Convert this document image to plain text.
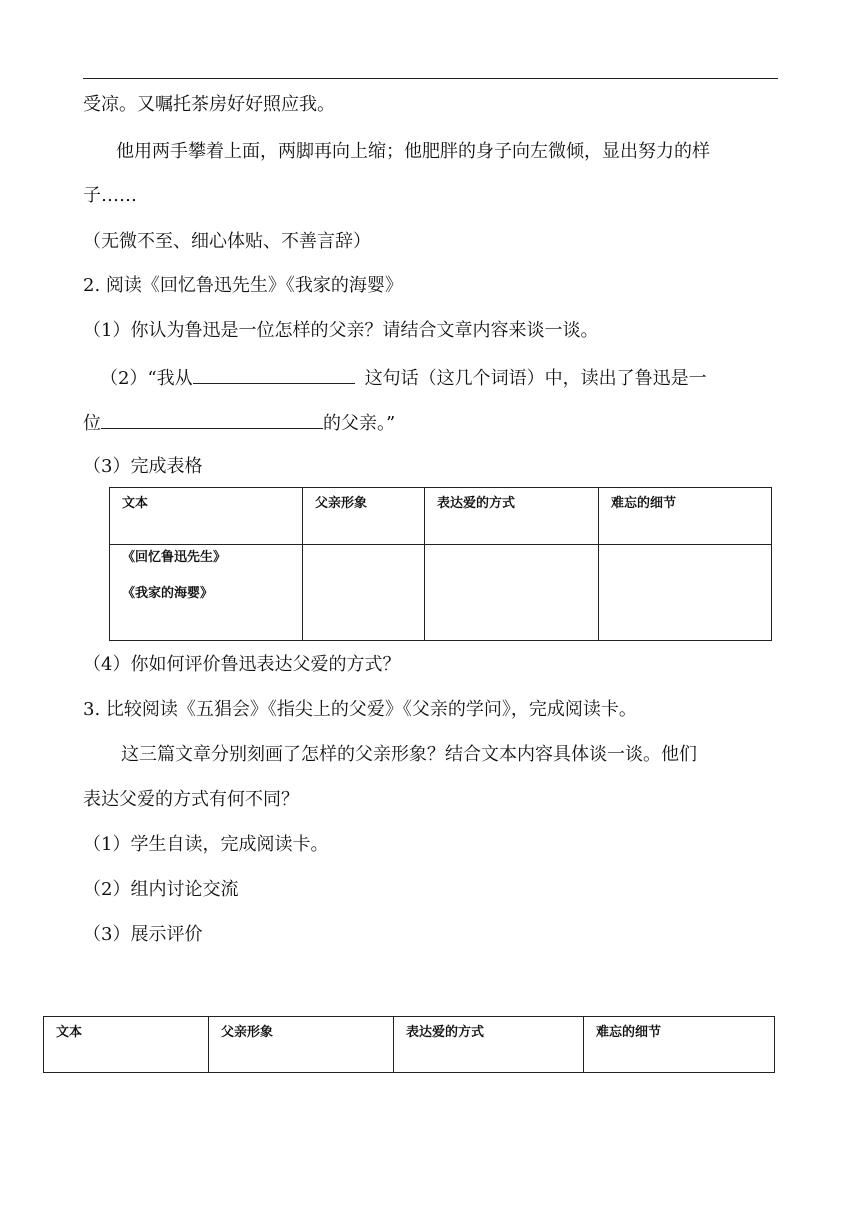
受凉。又嘱托茶房好好照应我。
他用两手攀着上面，两脚再向上缩；他肥胖的身子向左微倾，显出努力的样
子……
（无微不至、细心体贴、不善言辞）
2. 阅读《回忆鲁迅先生》《我家的海婴》
（1）你认为鲁迅是一位怎样的父亲？请结合文章内容来谈一谈。
（2）“我从	这句话（这几个词语）中，读出了鲁迅是一
位	的父亲。”
（3）完成表格
文本	父亲形象	表达爱的方式	难忘的细节

《回忆鲁迅先生》
《我家的海婴》			

（4）你如何评价鲁迅表达父爱的方式？
3. 比较阅读《五猖会》《指尖上的父爱》《父亲的学问》，完成阅读卡。
这三篇文章分别刻画了怎样的父亲形象？结合文本内容具体谈一谈。他们
表达父爱的方式有何不同？
（1）学生自读，完成阅读卡。
（2）组内讨论交流
（3）展示评价
文本	父亲形象	表达爱的方式	难忘的细节
